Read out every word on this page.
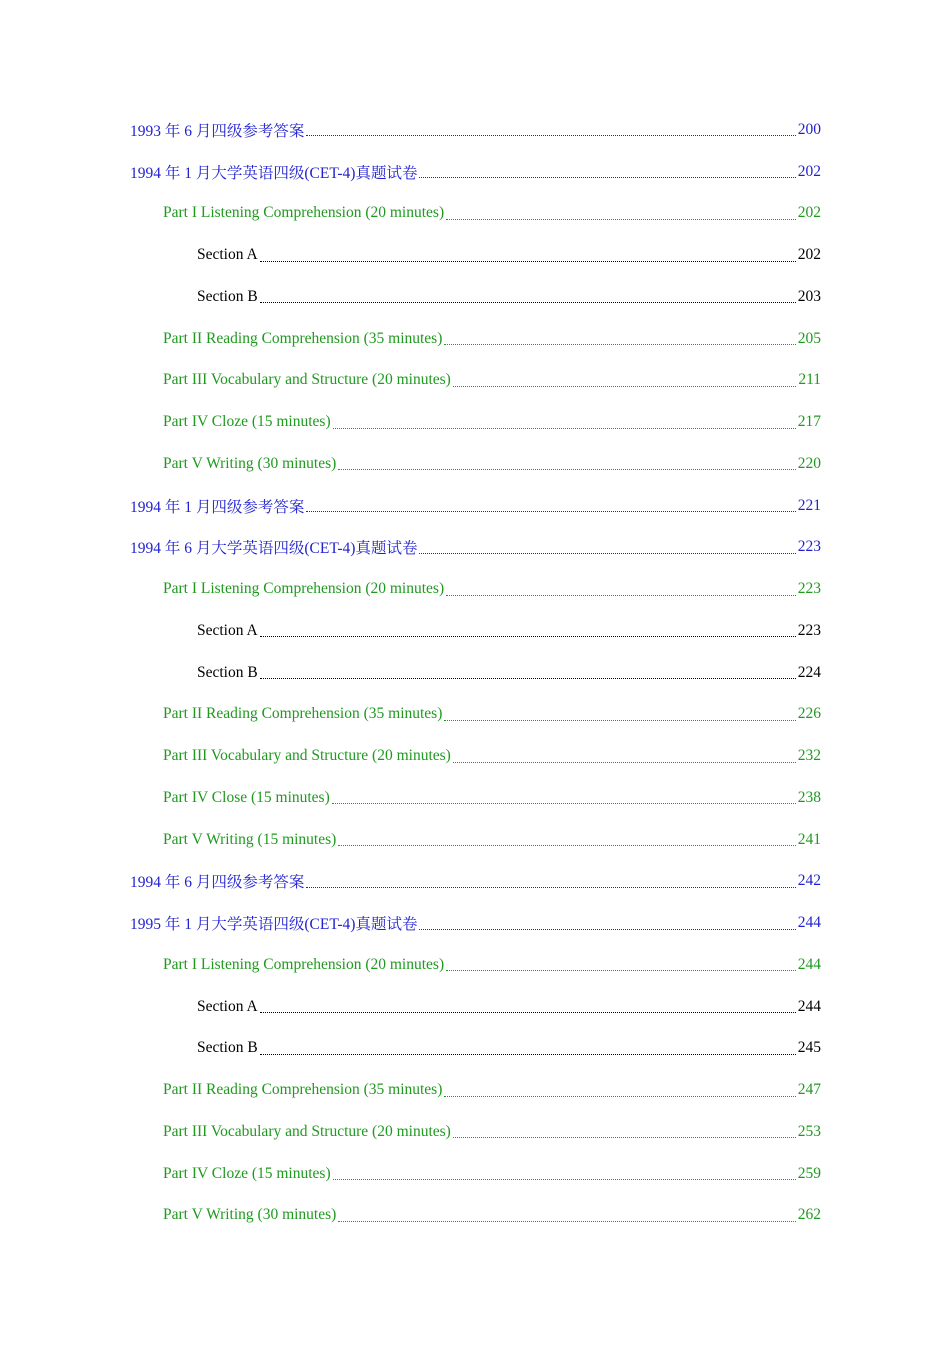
1993 年 6 月四级参考答案	200
1994 年 1 月大学英语四级(CET-4)真题试卷	202
Part I Listening Comprehension (20 minutes)	202
Section A	202
Section B	203
Part II Reading Comprehension (35 minutes)	205
Part III Vocabulary and Structure (20 minutes)	211
Part IV Cloze (15 minutes)	217
Part V Writing (30 minutes)	220
1994 年 1 月四级参考答案	221
1994 年 6 月大学英语四级(CET-4)真题试卷	223
Part I Listening Comprehension (20 minutes)	223
Section A	223
Section B	224
Part II Reading Comprehension (35 minutes)	226
Part III Vocabulary and Structure (20 minutes)	232
Part IV Close (15 minutes)	238
Part V Writing (15 minutes)	241
1994 年 6 月四级参考答案	242
1995 年 1 月大学英语四级(CET-4)真题试卷	244
Part I Listening Comprehension (20 minutes)	244
Section A	244
Section B	245
Part II Reading Comprehension (35 minutes)	247
Part III Vocabulary and Structure (20 minutes)	253
Part IV Cloze (15 minutes)	259
Part V Writing (30 minutes)	262
